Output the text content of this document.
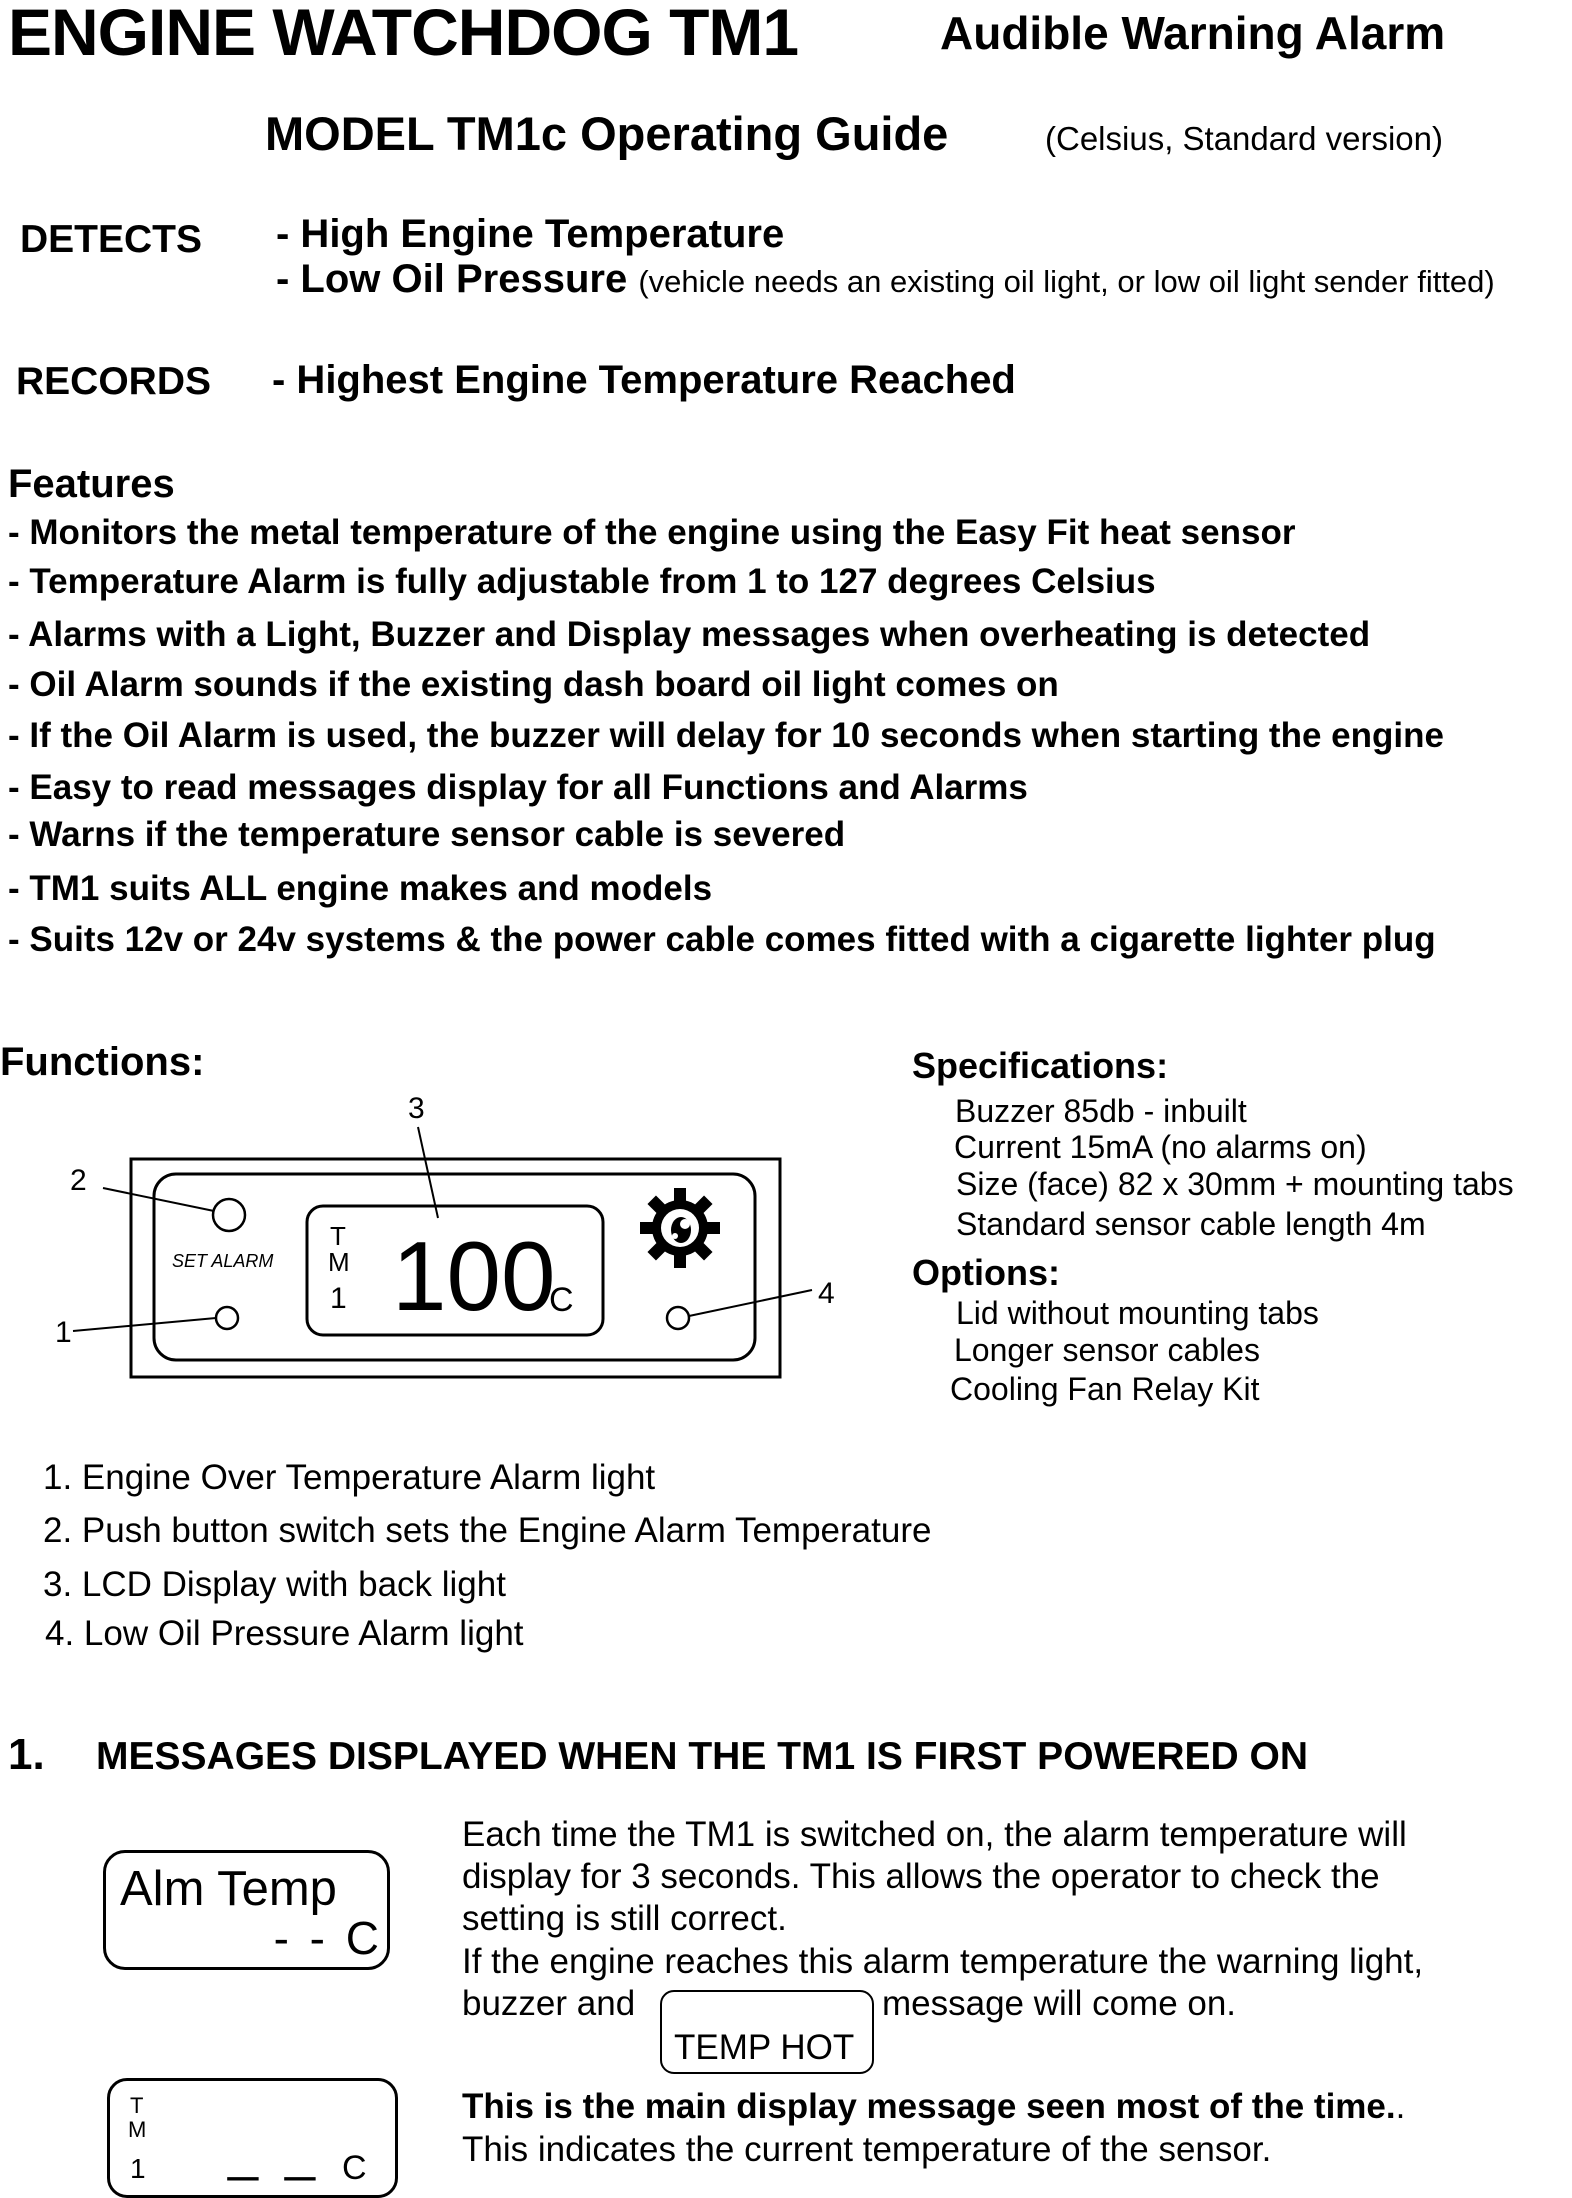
ENGINE WATCHDOG TM1	Audible Warning Alarm
MODEL TM1c Operating Guide	(Celsius, Standard version)
DETECTS - High Engine Temperature
- Low Oil Pressure (vehicle needs an existing oil light, or low oil light sender fitted)
RECORDS - Highest Engine Temperature Reached
Features
- Monitors the metal temperature of the engine using the Easy Fit heat sensor
- Temperature Alarm is fully adjustable from 1 to 127 degrees Celsius
- Alarms with a Light, Buzzer and Display messages when overheating is detected
- Oil Alarm sounds if the existing dash board oil light comes on
- If the Oil Alarm is used, the buzzer will delay for 10 seconds when starting the engine
- Easy to read messages display for all Functions and Alarms
- Warns if the temperature sensor cable is severed
- TM1 suits ALL engine makes and models
- Suits 12v or 24v systems & the power cable comes fitted with a cigarette lighter plug
Functions:
3
2
1
4
SET ALARM
T
M
1 100
C
Specifications:
Buzzer 85db - inbuilt
Current 15mA (no alarms on)
Size (face) 82 x 30mm + mounting tabs
Standard sensor cable length 4m
Options:
Lid without mounting tabs
Longer sensor cables
Cooling Fan Relay Kit
1. Engine Over Temperature Alarm light
2. Push button switch sets the Engine Alarm Temperature
3. LCD Display with back light
4. Low Oil Pressure Alarm light
1. MESSAGES DISPLAYED WHEN THE TM1 IS FIRST POWERED ON
Alm Temp
- - C
Each time the TM1 is switched on, the alarm temperature will
display for 3 seconds. This allows the operator to check the
setting is still correct.
If the engine reaches this alarm temperature the warning light,
buzzer and
TEMP HOT
message will come on.
T
M
1 _ _ C
This is the main display message seen most of the time..
This indicates the current temperature of the sensor.
